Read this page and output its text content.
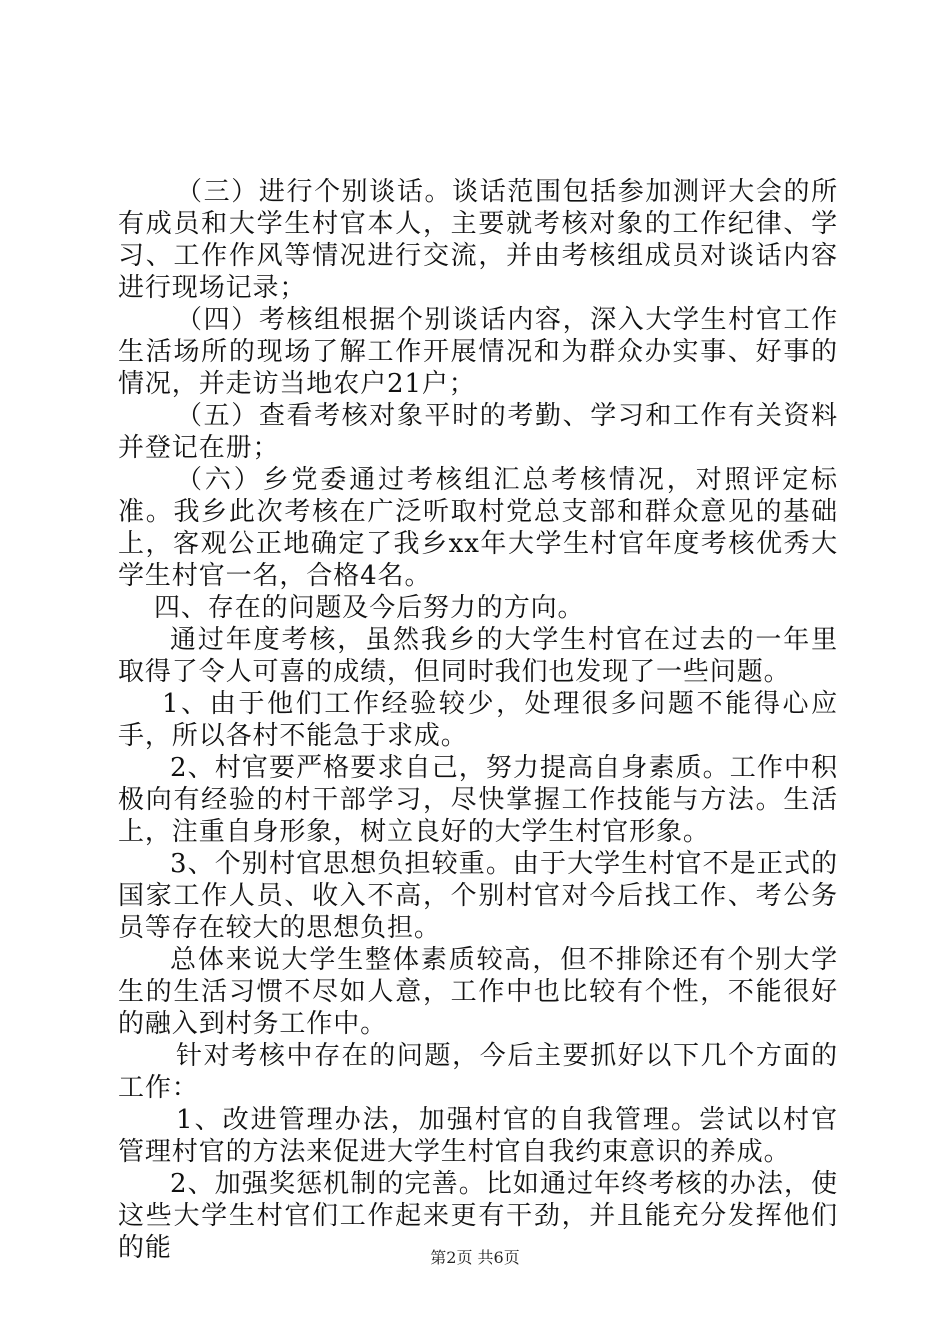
（三）进行个别谈话。谈话范围包括参加测评大会的所有成员和大学生村官本人，主要就考核对象的工作纪律、学习、工作作风等情况进行交流，并由考核组成员对谈话内容进行现场记录；

（四）考核组根据个别谈话内容，深入大学生村官工作生活场所的现场了解工作开展情况和为群众办实事、好事的情况，并走访当地农户21户；

（五）查看考核对象平时的考勤、学习和工作有关资料并登记在册；

（六）乡党委通过考核组汇总考核情况，对照评定标准。我乡此次考核在广泛听取村党总支部和群众意见的基础上，客观公正地确定了我乡xx年大学生村官年度考核优秀大学生村官一名，合格4名。

四、存在的问题及今后努力的方向。

通过年度考核，虽然我乡的大学生村官在过去的一年里取得了令人可喜的成绩，但同时我们也发现了一些问题。

1、由于他们工作经验较少，处理很多问题不能得心应手，所以各村不能急于求成。

2、村官要严格要求自己，努力提高自身素质。工作中积极向有经验的村干部学习，尽快掌握工作技能与方法。生活上，注重自身形象，树立良好的大学生村官形象。

3、个别村官思想负担较重。由于大学生村官不是正式的国家工作人员、收入不高，个别村官对今后找工作、考公务员等存在较大的思想负担。

总体来说大学生整体素质较高，但不排除还有个别大学生的生活习惯不尽如人意，工作中也比较有个性，不能很好的融入到村务工作中。

针对考核中存在的问题，今后主要抓好以下几个方面的工作：

1、改进管理办法，加强村官的自我管理。尝试以村官管理村官的方法来促进大学生村官自我约束意识的养成。

2、加强奖惩机制的完善。比如通过年终考核的办法，使这些大学生村官们工作起来更有干劲，并且能充分发挥他们的能	第2页 共6页
